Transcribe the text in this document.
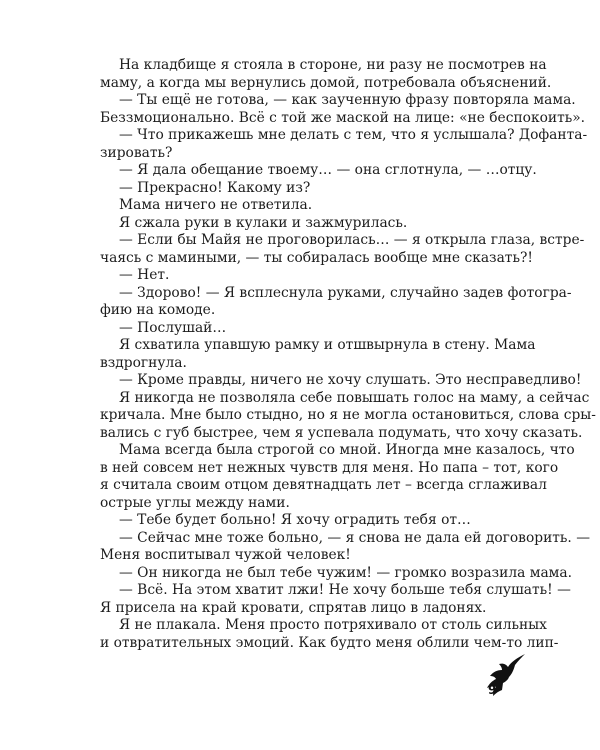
На кладбище я стояла в стороне, ни разу не посмотрев на
маму, а когда мы вернулись домой, потребовала объяснений.
— Ты ещё не готова, — как заученную фразу повторяла мама.
Беззмоционально. Всё с той же маской на лице: «не беспокоить».
— Что прикажешь мне делать с тем, что я услышала? Дофанта-
зировать?
— Я дала обещание твоему… — она сглотнула, — …отцу.
— Прекрасно! Какому из?
Мама ничего не ответила.
Я сжала руки в кулаки и зажмурилась.
— Если бы Майя не проговорилась… — я открыла глаза, встре-
чаясь с мамиными, — ты собиралась вообще мне сказать?!
— Нет.
— Здорово! — Я всплеснула руками, случайно задев фотогра-
фию на комоде.
— Послушай…
Я схватила упавшую рамку и отшвырнула в стену. Мама
вздрогнула.
— Кроме правды, ничего не хочу слушать. Это несправедливо!
Я никогда не позволяла себе повышать голос на маму, а сейчас
кричала. Мне было стыдно, но я не могла остановиться, слова сры-
вались с губ быстрее, чем я успевала подумать, что хочу сказать.
Мама всегда была строгой со мной. Иногда мне казалось, что
в ней совсем нет нежных чувств для меня. Но папа – тот, кого
я считала своим отцом девятнадцать лет – всегда сглаживал
острые углы между нами.
— Тебе будет больно! Я хочу оградить тебя от…
— Сейчас мне тоже больно, — я снова не дала ей договорить. —
Меня воспитывал чужой человек!
— Он никогда не был тебе чужим! — громко возразила мама.
— Всё. На этом хватит лжи! Не хочу больше тебя слушать! —
Я присела на край кровати, спрятав лицо в ладонях.
Я не плакала. Меня просто потряхивало от столь сильных
и отвратительных эмоций. Как будто меня облили чем-то лип-
9
